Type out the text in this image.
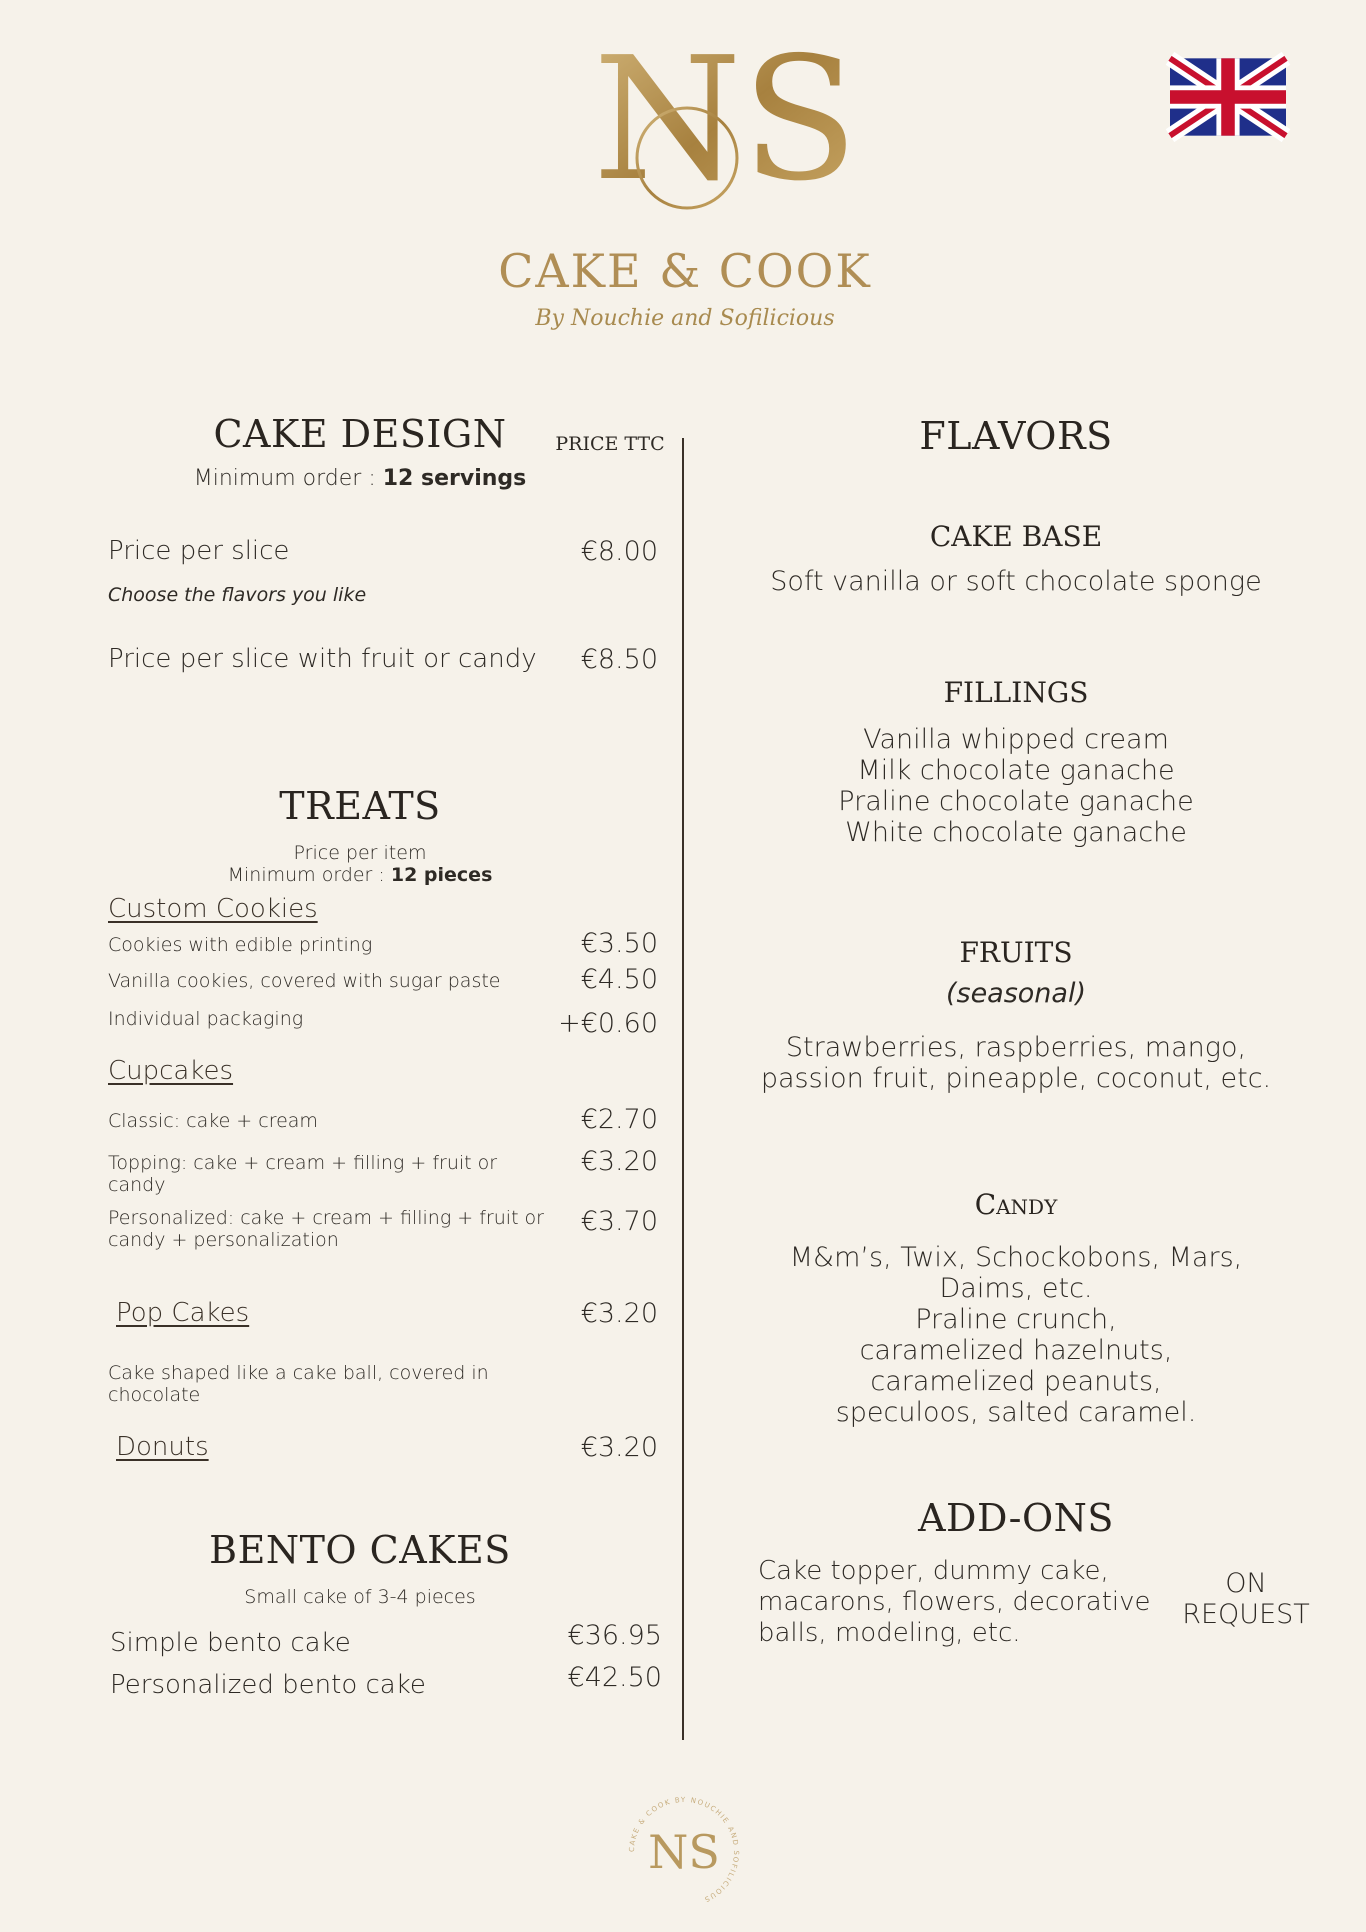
NS
CAKE & COOK
By Nouchie and Sofilicious
CAKE DESIGN	PRICE TTC
Minimum order : 12 servings
Price per slice	€8.00
Choose the flavors you like
Price per slice with fruit or candy	€8.50
TREATS
Price per item
Minimum order : 12 pieces
Custom Cookies
Cookies with edible printing	€3.50
Vanilla cookies, covered with sugar paste	€4.50
Individual packaging	+€0.60
Cupcakes
Classic: cake + cream	€2.70
Topping: cake + cream + filling + fruit or candy
€3.20
Personalized: cake + cream + filling + fruit or candy + personalization
€3.70
Pop Cakes	€3.20
Cake shaped like a cake ball, covered in chocolate
Donuts	€3.20
BENTO CAKES
Small cake of 3-4 pieces
Simple bento cake	€36.95
Personalized bento cake	€42.50
FLAVORS
CAKE BASE
Soft vanilla or soft chocolate sponge
FILLINGS
Vanilla whipped cream
Milk chocolate ganache
Praline chocolate ganache
White chocolate ganache
FRUITS
(seasonal)
Strawberries, raspberries, mango,
passion fruit, pineapple, coconut, etc.
Candy
M&m’s, Twix, Schockobons, Mars,
Daims, etc.
Praline crunch,
caramelized hazelnuts,
caramelized peanuts,
speculoos, salted caramel.
ADD-ONS
Cake topper, dummy cake,
macarons, flowers, decorative
balls, modeling, etc.
ON
REQUEST
CAKE & COOK BY NOUCHIE AND SOFILICIOUS
NS
